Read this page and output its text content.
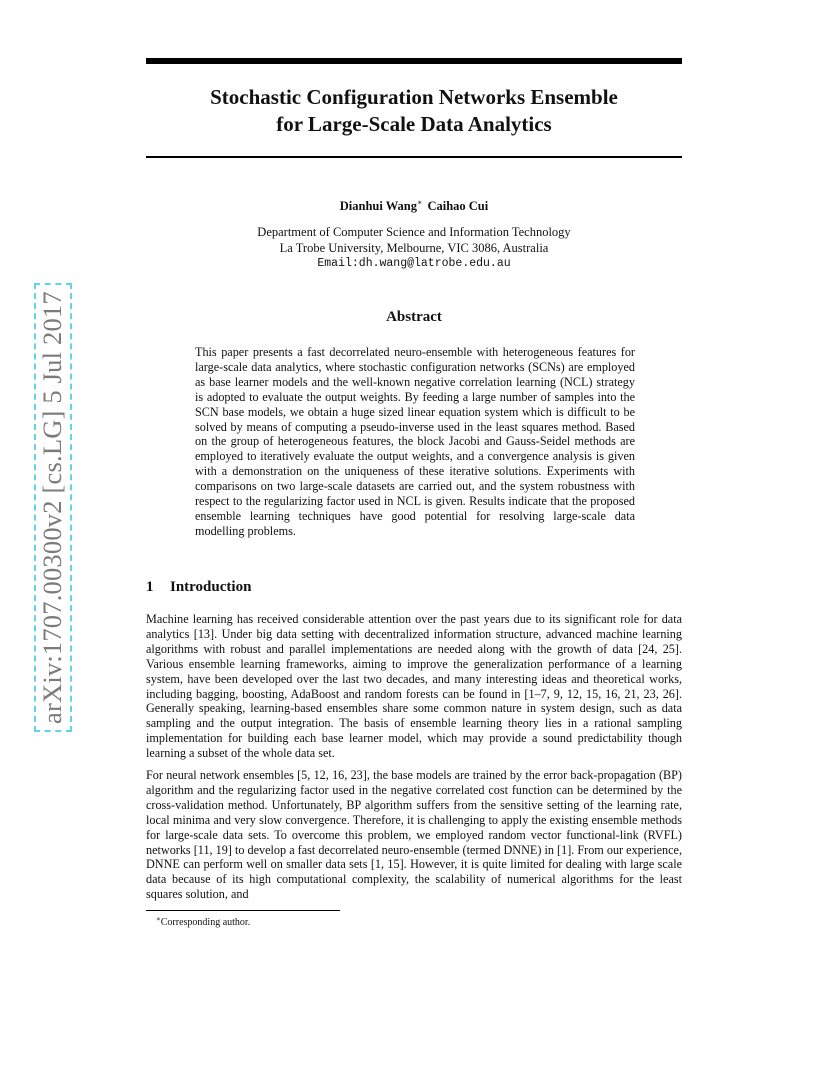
arXiv:1707.00300v2 [cs.LG] 5 Jul 2017
Stochastic Configuration Networks Ensemble
for Large-Scale Data Analytics
Dianhui Wang∗ Caihao Cui
Department of Computer Science and Information Technology
La Trobe University, Melbourne, VIC 3086, Australia
Email:dh.wang@latrobe.edu.au
Abstract

This paper presents a fast decorrelated neuro-ensemble with heterogeneous features for large-scale data analytics, where stochastic configuration networks (SCNs) are employed as base learner models and the well-known negative correlation learning (NCL) strategy is adopted to evaluate the output weights. By feeding a large number of samples into the SCN base models, we obtain a huge sized linear equation system which is difficult to be solved by means of computing a pseudo-inverse used in the least squares method. Based on the group of heterogeneous features, the block Jacobi and Gauss-Seidel methods are employed to iteratively evaluate the output weights, and a convergence analysis is given with a demonstration on the uniqueness of these iterative solutions. Experiments with comparisons on two large-scale datasets are carried out, and the system robustness with respect to the regularizing factor used in NCL is given. Results indicate that the proposed ensemble learning techniques have good potential for resolving large-scale data modelling problems.

1 Introduction

Machine learning has received considerable attention over the past years due to its significant role for data analytics [13]. Under big data setting with decentralized information structure, advanced machine learning algorithms with robust and parallel implementations are needed along with the growth of data [24, 25]. Various ensemble learning frameworks, aiming to improve the generalization performance of a learning system, have been developed over the last two decades, and many interesting ideas and theoretical works, including bagging, boosting, AdaBoost and random forests can be found in [1–7, 9, 12, 15, 16, 21, 23, 26]. Generally speaking, learning-based ensembles share some common nature in system design, such as data sampling and the output integration. The basis of ensemble learning theory lies in a rational sampling implementation for building each base learner model, which may provide a sound predictability though learning a subset of the whole data set.

For neural network ensembles [5, 12, 16, 23], the base models are trained by the error back-propagation (BP) algorithm and the regularizing factor used in the negative correlated cost function can be determined by the cross-validation method. Unfortunately, BP algorithm suffers from the sensitive setting of the learning rate, local minima and very slow convergence. Therefore, it is challenging to apply the existing ensemble methods for large-scale data sets. To overcome this problem, we employed random vector functional-link (RVFL) networks [11, 19] to develop a fast decorrelated neuro-ensemble (termed DNNE) in [1]. From our experience, DNNE can perform well on smaller data sets [1, 15]. However, it is quite limited for dealing with large scale data because of its high computational complexity, the scalability of numerical algorithms for the least squares solution, and

∗Corresponding author.
